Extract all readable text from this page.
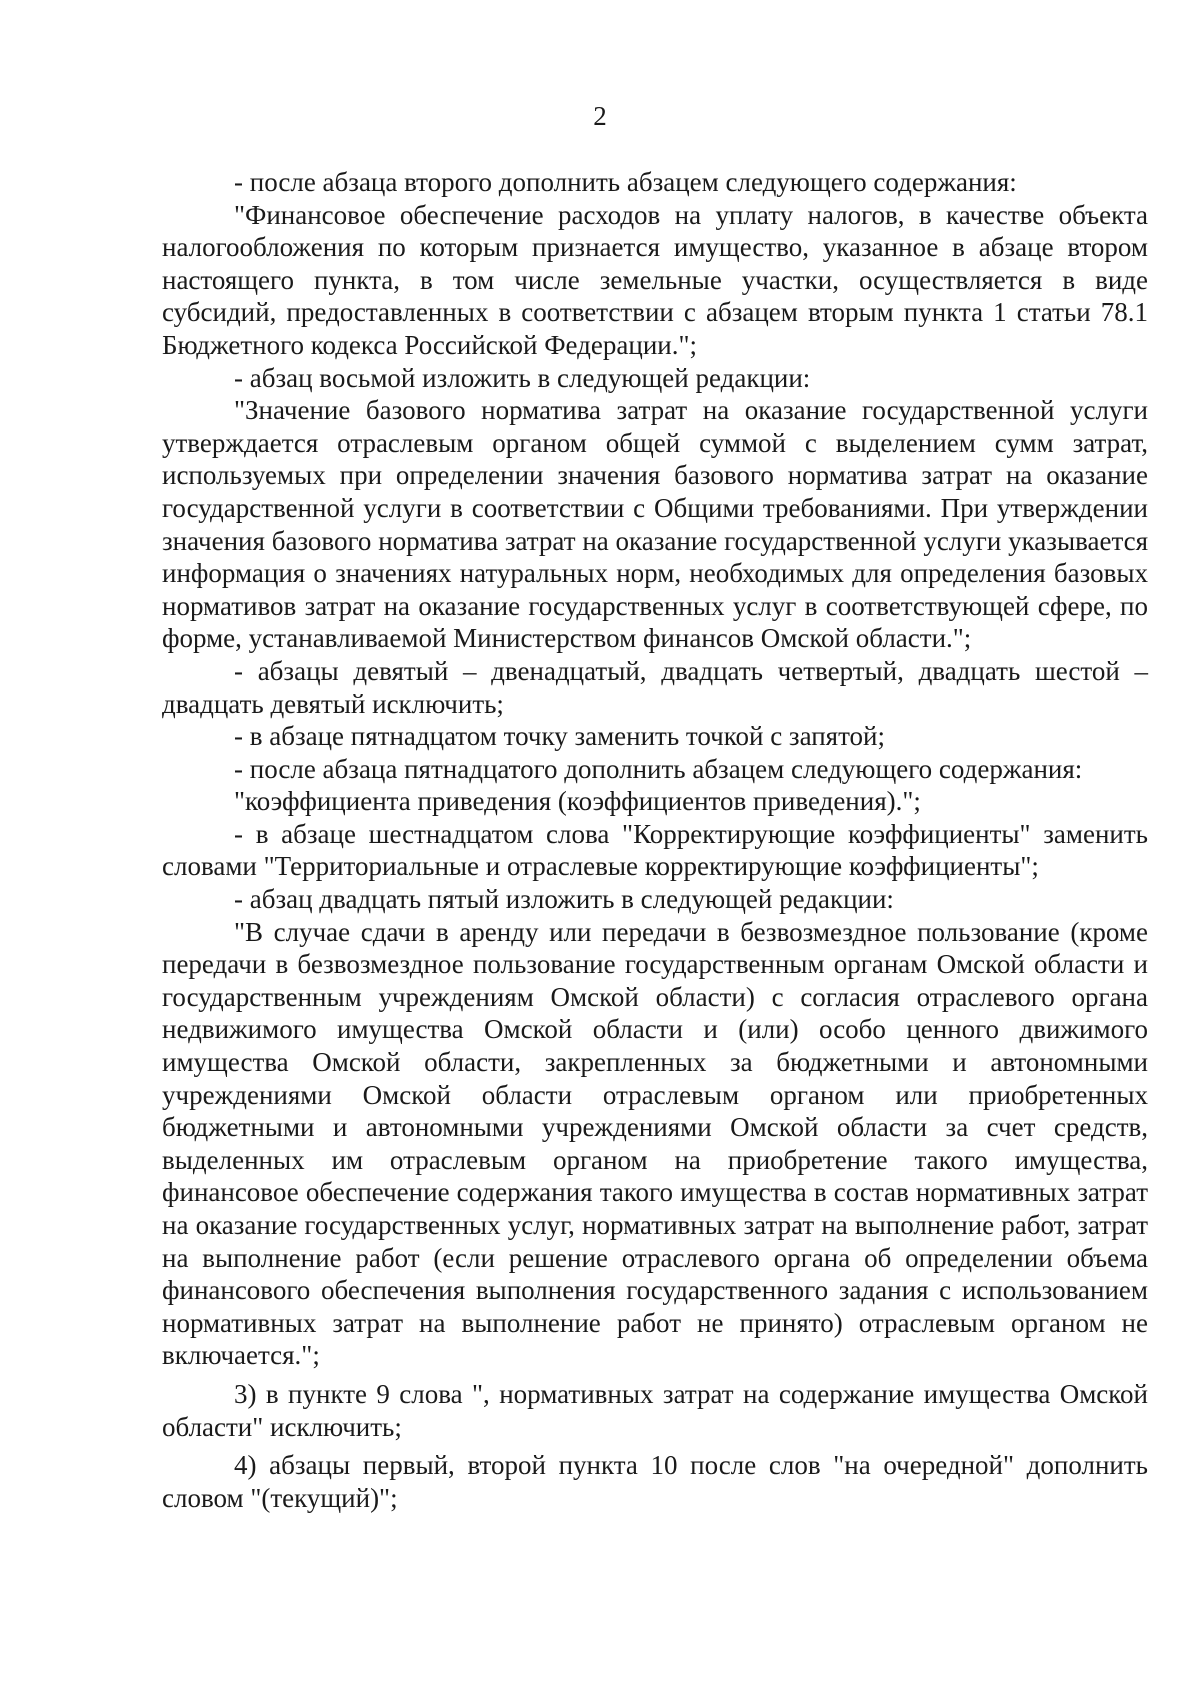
2

- после абзаца второго дополнить абзацем следующего содержания:

"Финансовое обеспечение расходов на уплату налогов, в качестве объекта налогообложения по которым признается имущество, указанное в абзаце втором настоящего пункта, в том числе земельные участки, осуществляется в виде субсидий, предоставленных в соответствии с абзацем вторым пункта 1 статьи 78.1 Бюджетного кодекса Российской Федерации.";

- абзац восьмой изложить в следующей редакции:

"Значение базового норматива затрат на оказание государственной услуги утверждается отраслевым органом общей суммой с выделением сумм затрат, используемых при определении значения базового норматива затрат на оказание государственной услуги в соответствии с Общими требованиями. При утверждении значения базового норматива затрат на оказание государственной услуги указывается информация о значениях натуральных норм, необходимых для определения базовых нормативов затрат на оказание государственных услуг в соответствующей сфере, по форме, устанавливаемой Министерством финансов Омской области.";

- абзацы девятый – двенадцатый, двадцать четвертый, двадцать шестой – двадцать девятый исключить;

- в абзаце пятнадцатом точку заменить точкой с запятой;

- после абзаца пятнадцатого дополнить абзацем следующего содержания:

"коэффициента приведения (коэффициентов приведения).";

- в абзаце шестнадцатом слова "Корректирующие коэффициенты" заменить словами "Территориальные и отраслевые корректирующие коэффициенты";

- абзац двадцать пятый изложить в следующей редакции:

"В случае сдачи в аренду или передачи в безвозмездное пользование (кроме передачи в безвозмездное пользование государственным органам Омской области и государственным учреждениям Омской области) с согласия отраслевого органа недвижимого имущества Омской области и (или) особо ценного движимого имущества Омской области, закрепленных за бюджетными и автономными учреждениями Омской области отраслевым органом или приобретенных бюджетными и автономными учреждениями Омской области за счет средств, выделенных им отраслевым органом на приобретение такого имущества, финансовое обеспечение содержания такого имущества в состав нормативных затрат на оказание государственных услуг, нормативных затрат на выполнение работ, затрат на выполнение работ (если решение отраслевого органа об определении объема финансового обеспечения выполнения государственного задания с использованием нормативных затрат на выполнение работ не принято) отраслевым органом не включается.";

3) в пункте 9 слова ", нормативных затрат на содержание имущества Омской области" исключить;

4) абзацы первый, второй пункта 10 после слов "на очередной" дополнить словом "(текущий)";
